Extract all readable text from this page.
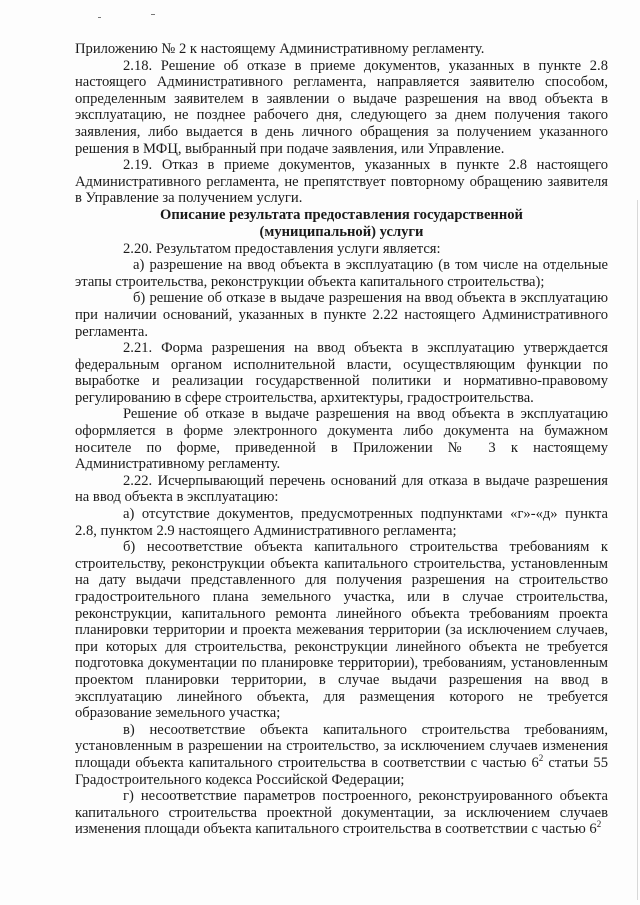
Приложению № 2 к настоящему Административному регламенту.

2.18. Решение об отказе в приеме документов, указанных в пункте 2.8 настоящего Административного регламента, направляется заявителю способом, определенным заявителем в заявлении о выдаче разрешения на ввод объекта в эксплуатацию, не позднее рабочего дня, следующего за днем получения такого заявления, либо выдается в день личного обращения за получением указанного решения в МФЦ, выбранный при подаче заявления, или Управление.

2.19. Отказ в приеме документов, указанных в пункте 2.8 настоящего Административного регламента, не препятствует повторному обращению заявителя в Управление за получением услуги.

Описание результата предоставления государственной

(муниципальной) услуги

2.20. Результатом предоставления услуги является:

а) разрешение на ввод объекта в эксплуатацию (в том числе на отдельные этапы строительства, реконструкции объекта капитального строительства);

б) решение об отказе в выдаче разрешения на ввод объекта в эксплуатацию при наличии оснований, указанных в пункте 2.22 настоящего Административного регламента.

2.21. Форма разрешения на ввод объекта в эксплуатацию утверждается федеральным органом исполнительной власти, осуществляющим функции по выработке и реализации государственной политики и нормативно-правовому регулированию в сфере строительства, архитектуры, градостроительства.

Решение об отказе в выдаче разрешения на ввод объекта в эксплуатацию оформляется в форме электронного документа либо документа на бумажном носителе по форме, приведенной в Приложении № 3 к настоящему Административному регламенту.

2.22. Исчерпывающий перечень оснований для отказа в выдаче разрешения на ввод объекта в эксплуатацию:

а) отсутствие документов, предусмотренных подпунктами «г»-«д» пункта 2.8, пунктом 2.9 настоящего Административного регламента;

б) несоответствие объекта капитального строительства требованиям к строительству, реконструкции объекта капитального строительства, установленным на дату выдачи представленного для получения разрешения на строительство градостроительного плана земельного участка, или в случае строительства, реконструкции, капитального ремонта линейного объекта требованиям проекта планировки территории и проекта межевания территории (за исключением случаев, при которых для строительства, реконструкции линейного объекта не требуется подготовка документации по планировке территории), требованиям, установленным проектом планировки территории, в случае выдачи разрешения на ввод в эксплуатацию линейного объекта, для размещения которого не требуется образование земельного участка;

в) несоответствие объекта капитального строительства требованиям, установленным в разрешении на строительство, за исключением случаев изменения площади объекта капитального строительства в соответствии с частью $6^2$ статьи 55 Градостроительного кодекса Российской Федерации;

г) несоответствие параметров построенного, реконструированного объекта капитального строительства проектной документации, за исключением случаев изменения площади объекта капитального строительства в соответствии с частью $6^2$
